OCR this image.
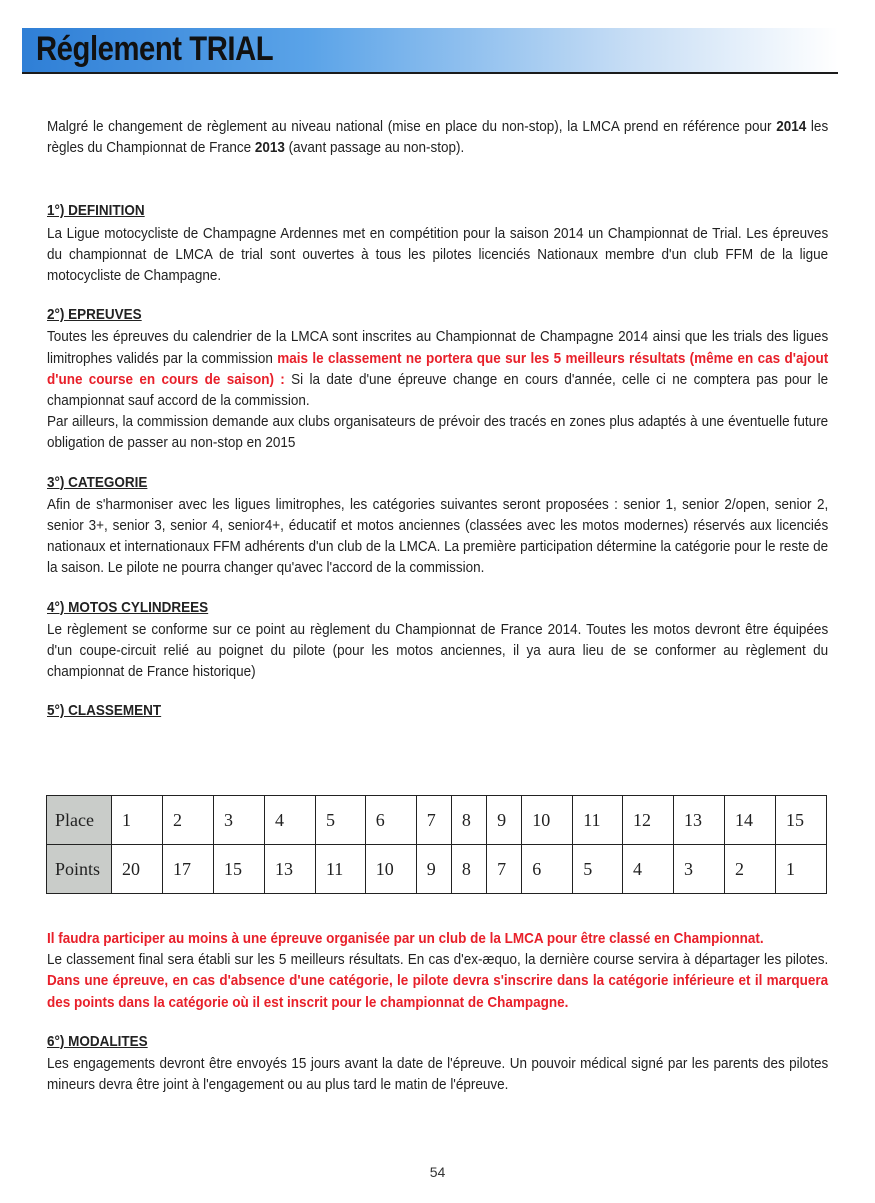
Réglement TRIAL

Malgré le changement de règlement au niveau national (mise en place du non-stop), la LMCA prend en référence pour 2014 les règles du Championnat de France 2013 (avant passage au non-stop).

1°) DEFINITION

La Ligue motocycliste de Champagne Ardennes met en compétition pour la saison 2014 un Championnat de Trial. Les épreuves du championnat de LMCA de trial sont ouvertes à tous les pilotes licenciés Nationaux membre d'un club FFM de la ligue motocycliste de Champagne.

2°) EPREUVES

Toutes les épreuves du calendrier de la LMCA sont inscrites au Championnat de Champagne 2014 ainsi que les trials des ligues limitrophes validés par la commission mais le classement ne portera que sur les 5 meilleurs résultats (même en cas d'ajout d'une course en cours de saison) : Si la date d'une épreuve change en cours d'année, celle ci ne comptera pas pour le championnat sauf accord de la commission.

Par ailleurs, la commission demande aux clubs organisateurs de prévoir des tracés en zones plus adaptés à une éventuelle future obligation de passer au non-stop en 2015

3°) CATEGORIE

Afin de s'harmoniser avec les ligues limitrophes, les catégories suivantes seront proposées : senior 1, senior 2/open, senior 2, senior 3+, senior 3, senior 4, senior4+, éducatif et motos anciennes (classées avec les motos modernes) réservés aux licenciés nationaux et internationaux FFM adhérents d'un club de la LMCA. La première participation détermine la catégorie pour le reste de la saison. Le pilote ne pourra changer qu'avec l'accord de la commission.

4°) MOTOS CYLINDREES

Le règlement se conforme sur ce point au règlement du Championnat de France 2014. Toutes les motos devront être équipées d'un coupe-circuit relié au poignet du pilote (pour les motos anciennes, il ya aura lieu de se conformer au règlement du championnat de France historique)

5°) CLASSEMENT
Place	1	2	3	4	5	6	7	8	9	10	11	12	13	14	15
Points	20	17	15	13	11	10	9	8	7	6	5	4	3	2	1

Il faudra participer au moins à une épreuve organisée par un club de la LMCA pour être classé en Championnat.

Le classement final sera établi sur les 5 meilleurs résultats. En cas d'ex-æquo, la dernière course servira à départager les pilotes. Dans une épreuve, en cas d'absence d'une catégorie, le pilote devra s'inscrire dans la catégorie inférieure et il marquera des points dans la catégorie où il est inscrit pour le championnat de Champagne.

6°) MODALITES

Les engagements devront être envoyés 15 jours avant la date de l'épreuve. Un pouvoir médical signé par les parents des pilotes mineurs devra être joint à l'engagement ou au plus tard le matin de l'épreuve.

54
